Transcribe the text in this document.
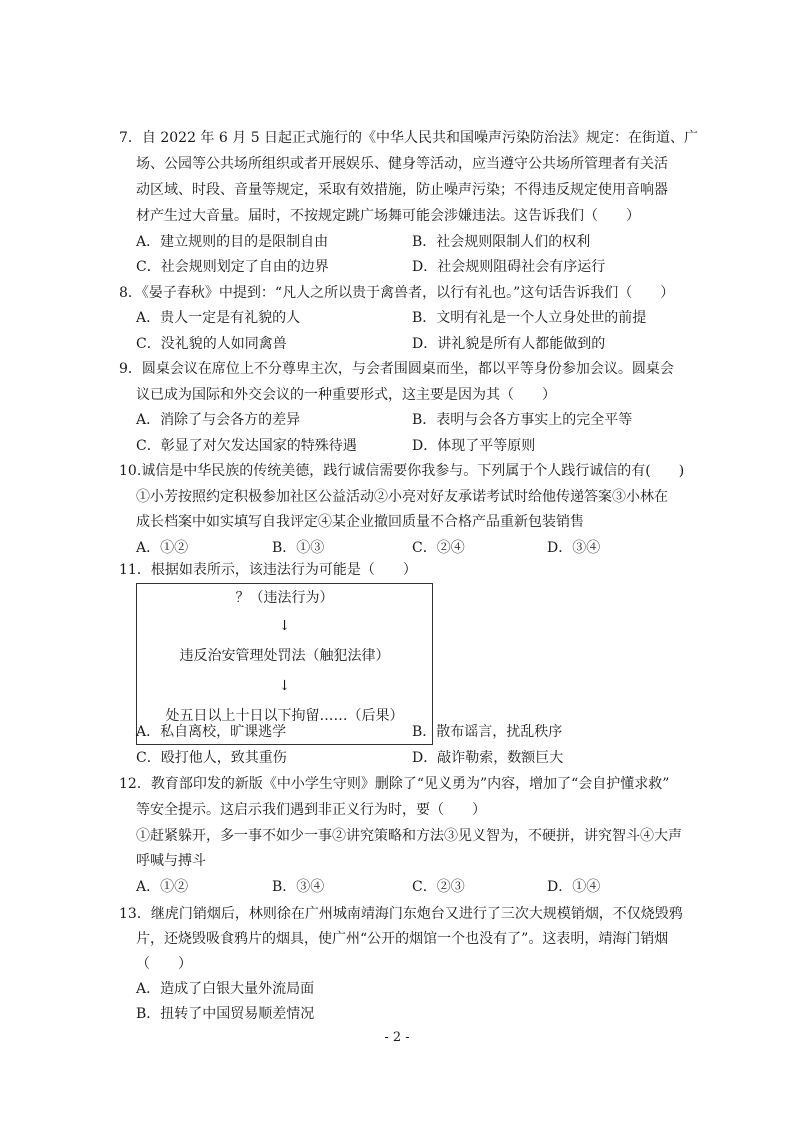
7．自 2022 年 6 月 5 日起正式施行的《中华人民共和国噪声污染防治法》规定：在街道、广
场、公园等公共场所组织或者开展娱乐、健身等活动，应当遵守公共场所管理者有关活
动区域、时段、音量等规定，采取有效措施，防止噪声污染；不得违反规定使用音响器
材产生过大音量。届时，不按规定跳广场舞可能会涉嫌违法。这告诉我们（　　）
A．建立规则的目的是限制自由	B．社会规则限制人们的权利
C．社会规则划定了自由的边界	D．社会规则阻碍社会有序运行
8．《晏子春秋》中提到：“凡人之所以贵于禽兽者，以行有礼也。”这句话告诉我们（　　）
A．贵人一定是有礼貌的人	B．文明有礼是一个人立身处世的前提
C．没礼貌的人如同禽兽	D．讲礼貌是所有人都能做到的
9．圆桌会议在席位上不分尊卑主次，与会者围圆桌而坐，都以平等身份参加会议。圆桌会
议已成为国际和外交会议的一种重要形式，这主要是因为其（　　）
A．消除了与会各方的差异	B．表明与会各方事实上的完全平等
C．彰显了对欠发达国家的特殊待遇	D．体现了平等原则
10.诚信是中华民族的传统美德，践行诚信需要你我参与。下列属于个人践行诚信的有(　　)
①小芳按照约定积极参加社区公益活动②小亮对好友承诺考试时给他传递答案③小林在
成长档案中如实填写自我评定④某企业撤回质量不合格产品重新包装销售
A．①②	B．①③	C．②④	D．③④
11．根据如表所示，该违法行为可能是（　　）
？（违法行为）
↓
违反治安管理处罚法（触犯法律）
↓
处五日以上十日以下拘留……（后果）
A．私自离校，旷课逃学	B．散布谣言，扰乱秩序
C．殴打他人，致其重伤	D．敲诈勒索，数额巨大
12．教育部印发的新版《中小学生守则》删除了“见义勇为”内容，增加了“会自护懂求救”
等安全提示。这启示我们遇到非正义行为时，要（　　）
①赶紧躲开，多一事不如少一事②讲究策略和方法③见义智为，不硬拼，讲究智斗④大声
呼喊与搏斗
A．①②	B．③④	C．②③	D．①④
13．继虎门销烟后，林则徐在广州城南靖海门东炮台又进行了三次大规模销烟，不仅烧毁鸦
片，还烧毁吸食鸦片的烟具，使广州“公开的烟馆一个也没有了”。这表明，靖海门销烟
（　　）
A．造成了白银大量外流局面
B．扭转了中国贸易顺差情况
- 2 -
